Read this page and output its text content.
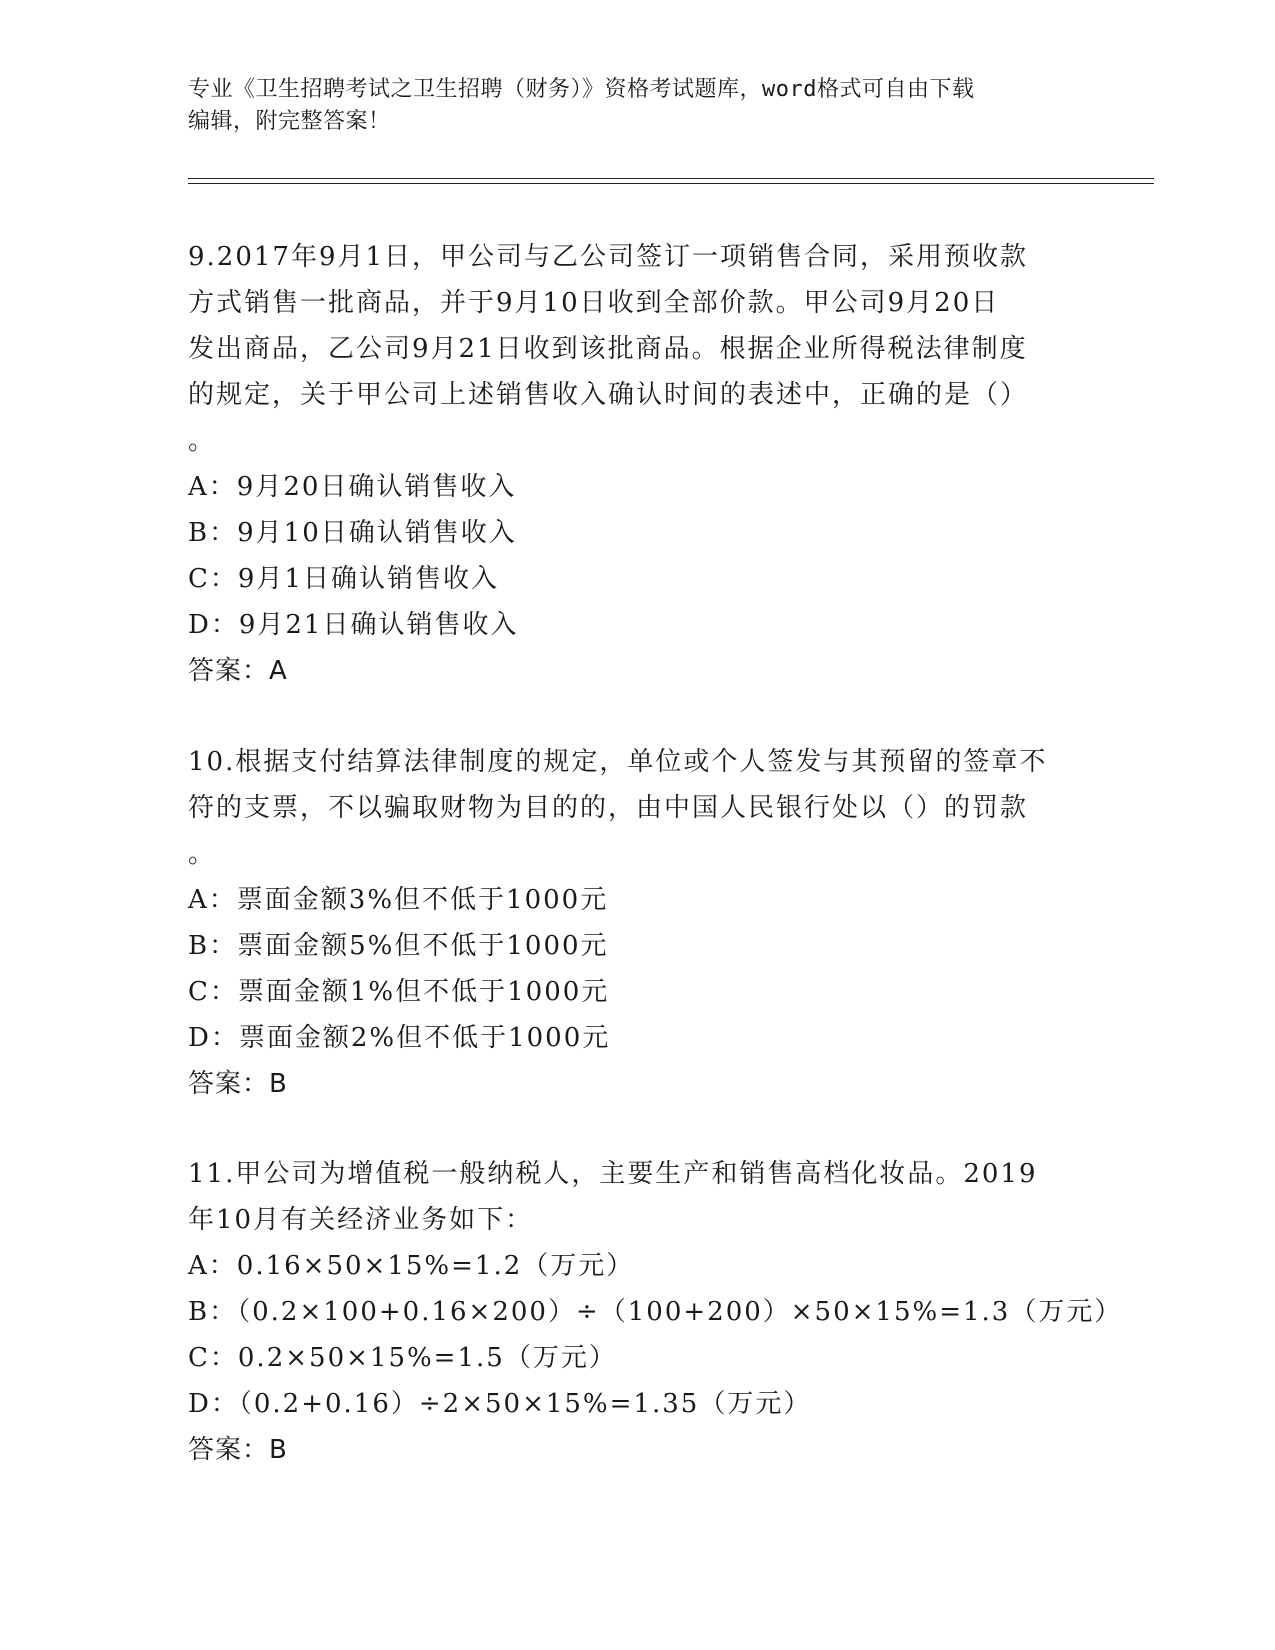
专业《卫生招聘考试之卫生招聘（财务）》资格考试题库，word格式可自由下载
编辑，附完整答案！
9.2017年9月1日，甲公司与乙公司签订一项销售合同，采用预收款
方式销售一批商品，并于9月10日收到全部价款。甲公司9月20日
发出商品，乙公司9月21日收到该批商品。根据企业所得税法律制度
的规定，关于甲公司上述销售收入确认时间的表述中，正确的是（）
。
A：9月20日确认销售收入
B：9月10日确认销售收入
C：9月1日确认销售收入
D：9月21日确认销售收入
答案：A
10.根据支付结算法律制度的规定，单位或个人签发与其预留的签章不
符的支票，不以骗取财物为目的的，由中国人民银行处以（）的罚款
。
A：票面金额3%但不低于1000元
B：票面金额5%但不低于1000元
C：票面金额1%但不低于1000元
D：票面金额2%但不低于1000元
答案：B
11.甲公司为增值税一般纳税人，主要生产和销售高档化妆品。2019
年10月有关经济业务如下：
A：0.16×50×15%=1.2（万元）
B：（0.2×100+0.16×200）÷（100+200）×50×15%=1.3（万元）
C：0.2×50×15%=1.5（万元）
D：（0.2+0.16）÷2×50×15%=1.35（万元）
答案：B
